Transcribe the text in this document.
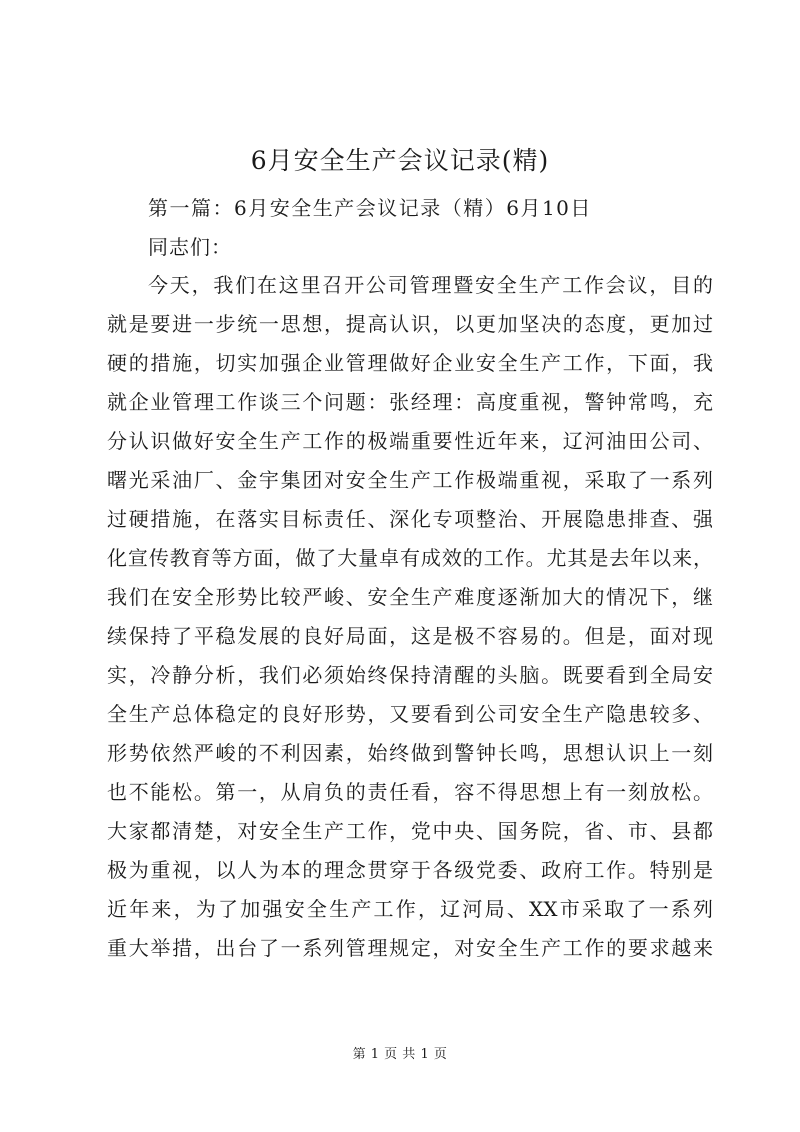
6月安全生产会议记录(精)
第一篇：6月安全生产会议记录（精）6月10日
同志们：
今天，我们在这里召开公司管理暨安全生产工作会议，目的
就是要进一步统一思想，提高认识，以更加坚决的态度，更加过
硬的措施，切实加强企业管理做好企业安全生产工作，下面，我
就企业管理工作谈三个问题：张经理：高度重视，警钟常鸣，充
分认识做好安全生产工作的极端重要性近年来，辽河油田公司、
曙光采油厂、金宇集团对安全生产工作极端重视，采取了一系列
过硬措施，在落实目标责任、深化专项整治、开展隐患排查、强
化宣传教育等方面，做了大量卓有成效的工作。尤其是去年以来，
我们在安全形势比较严峻、安全生产难度逐渐加大的情况下，继
续保持了平稳发展的良好局面，这是极不容易的。但是，面对现
实，冷静分析，我们必须始终保持清醒的头脑。既要看到全局安
全生产总体稳定的良好形势，又要看到公司安全生产隐患较多、
形势依然严峻的不利因素，始终做到警钟长鸣，思想认识上一刻
也不能松。第一，从肩负的责任看，容不得思想上有一刻放松。
大家都清楚，对安全生产工作，党中央、国务院，省、市、县都
极为重视，以人为本的理念贯穿于各级党委、政府工作。特别是
近年来，为了加强安全生产工作，辽河局、XX市采取了一系列
重大举措，出台了一系列管理规定，对安全生产工作的要求越来
第 1 页 共 1 页
